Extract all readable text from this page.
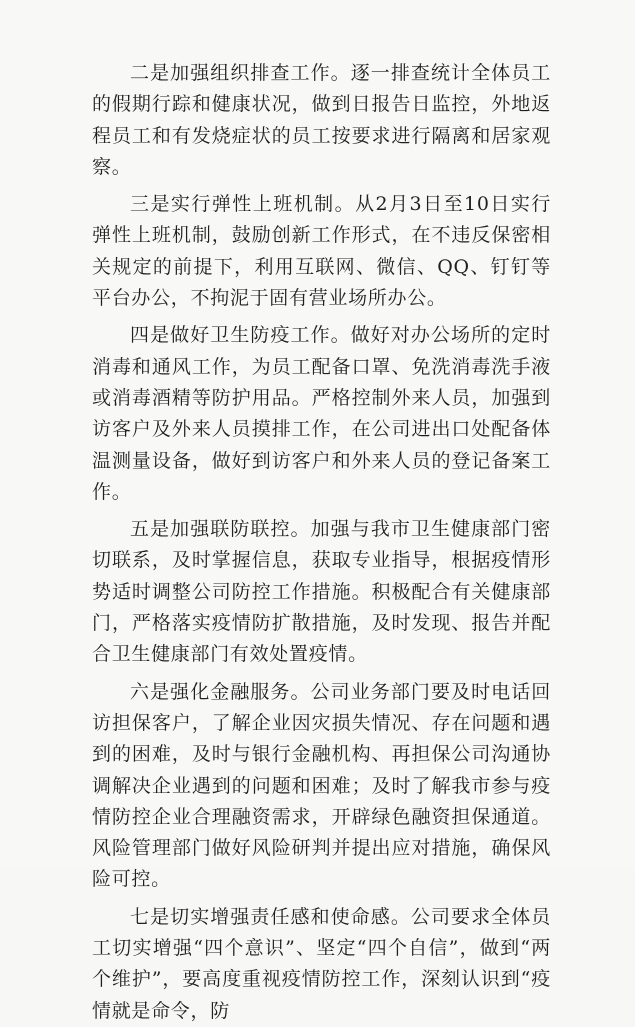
二是加强组织排查工作。逐一排查统计全体员工的假期行踪和健康状况，做到日报告日监控，外地返程员工和有发烧症状的员工按要求进行隔离和居家观察。

三是实行弹性上班机制。从2月3日至10日实行弹性上班机制，鼓励创新工作形式，在不违反保密相关规定的前提下，利用互联网、微信、QQ、钉钉等平台办公，不拘泥于固有营业场所办公。

四是做好卫生防疫工作。做好对办公场所的定时消毒和通风工作，为员工配备口罩、免洗消毒洗手液或消毒酒精等防护用品。严格控制外来人员，加强到访客户及外来人员摸排工作，在公司进出口处配备体温测量设备，做好到访客户和外来人员的登记备案工作。

五是加强联防联控。加强与我市卫生健康部门密切联系，及时掌握信息，获取专业指导，根据疫情形势适时调整公司防控工作措施。积极配合有关健康部门，严格落实疫情防扩散措施，及时发现、报告并配合卫生健康部门有效处置疫情。

六是强化金融服务。公司业务部门要及时电话回访担保客户，了解企业因灾损失情况、存在问题和遇到的困难，及时与银行金融机构、再担保公司沟通协调解决企业遇到的问题和困难；及时了解我市参与疫情防控企业合理融资需求，开辟绿色融资担保通道。风险管理部门做好风险研判并提出应对措施，确保风险可控。

七是切实增强责任感和使命感。公司要求全体员工切实增强“四个意识”、坚定“四个自信”，做到“两个维护”，要高度重视疫情防控工作，深刻认识到“疫情就是命令，防
